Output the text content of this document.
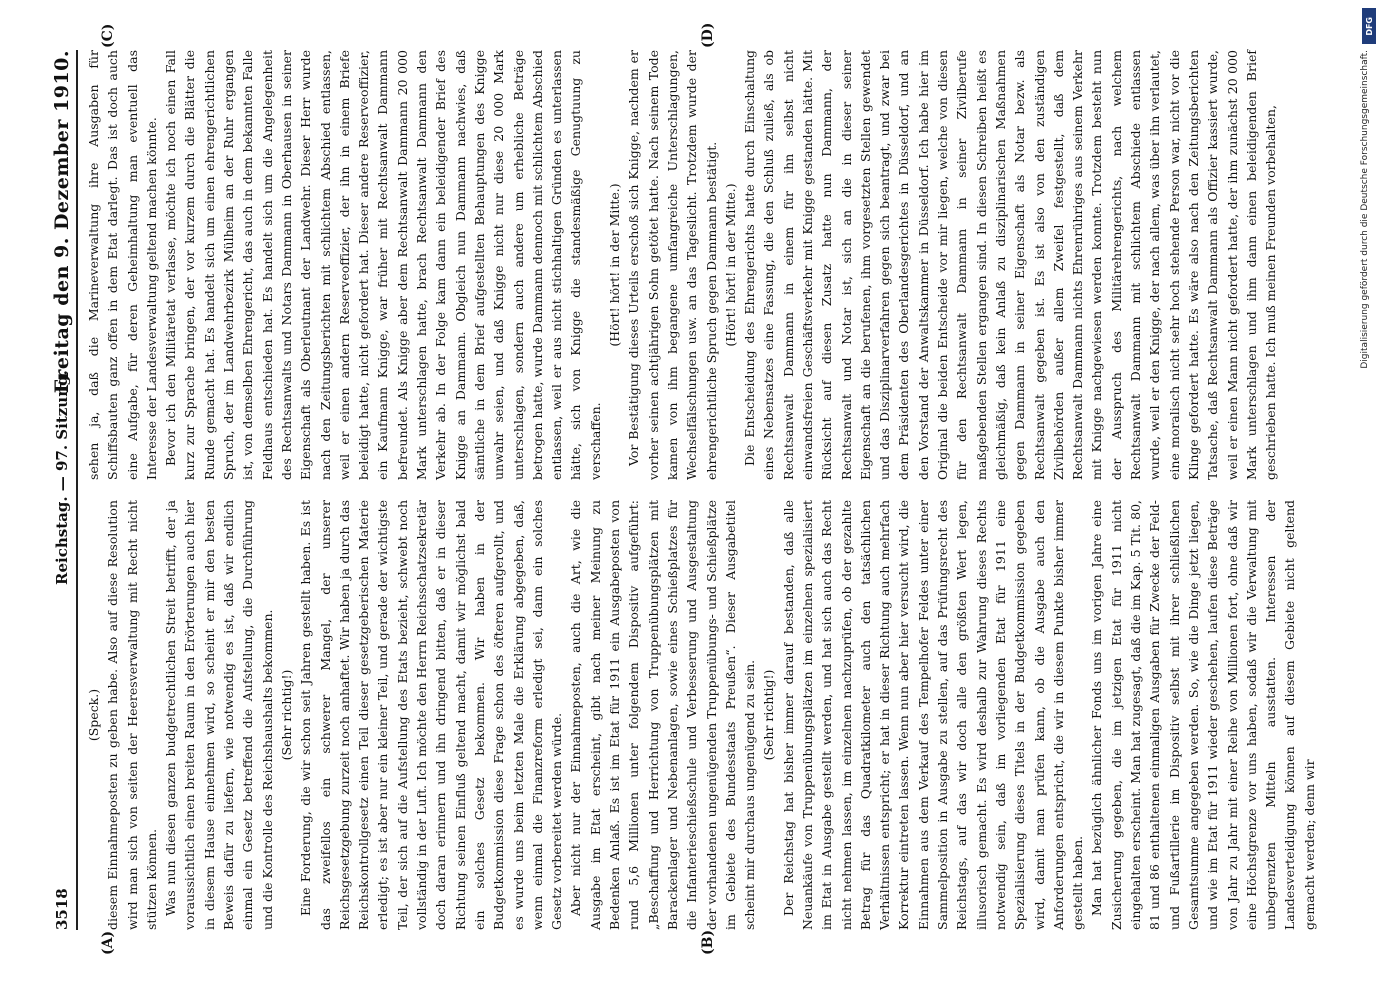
3518
Reichstag. — 97. Sitzung.
Freitag den 9. Dezember 1910.
(A)	(B)
(C)	(D)

(Speck.) diesem Einnahmeposten zu geben habe. Also auf diese Resolution wird man sich von seiten der Heeresverwaltung mit Recht nicht stützen können. Was nun diesen ganzen budgetrechtlichen Streit betrifft, der ja voraussichtlich einen breiten Raum in den Erörterungen auch hier in diesem Hause einnehmen wird, so scheint er mir den besten Beweis dafür zu liefern, wie notwendig es ist, daß wir endlich einmal ein Gesetz betreffend die Aufstellung, die Durchführung und die Kontrolle des Reichshaushalts bekommen. (Sehr richtig!) Eine Forderung, die wir schon seit Jahren gestellt haben. Es ist das zweifellos ein schwerer Mangel, der unserer Reichsgesetzgebung zurzeit noch anhaftet. Wir haben ja durch das Reichskontrollgesetz einen Teil dieser gesetzgeberischen Materie erledigt; es ist aber nur ein kleiner Teil, und gerade der wichtigste Teil, der sich auf die Aufstellung des Etats bezieht, schwebt noch vollständig in der Luft. Ich möchte den Herrn Reichsschatzsekretär doch daran erinnern und ihn dringend bitten, daß er in dieser Richtung seinen Einfluß geltend macht, damit wir möglichst bald ein solches Gesetz bekommen. Wir haben in der Budgetkommission diese Frage schon des öfteren aufgerollt, und es wurde uns beim letzten Male die Erklärung abgegeben, daß, wenn einmal die Finanzreform erledigt sei, dann ein solches Gesetz vorbereitet werden würde. Aber nicht nur der Einnahmeposten, auch die Art, wie die Ausgabe im Etat erscheint, gibt nach meiner Meinung zu Bedenken Anlaß. Es ist im Etat für 1911 ein Ausgabeposten von rund 5,6 Millionen unter folgendem Dispositiv aufgeführt: „Beschaffung und Herrichtung von Truppenübungsplätzen mit Barackenlager und Nebenanlagen, sowie eines Schießplatzes für die Infanterieschießschule und Verbesserung und Ausgestaltung der vorhandenen ungenügenden Truppenübungs- und Schießplätze im Gebiete des Bundesstaats Preußen“. Dieser Ausgabetitel scheint mir durchaus ungenügend zu sein. (Sehr richtig!) Der Reichstag hat bisher immer darauf bestanden, daß alle Neuankäufe von Truppenübungsplätzen im einzelnen spezialisiert im Etat in Ausgabe gestellt werden, und hat sich auch das Recht nicht nehmen lassen, im einzelnen nachzuprüfen, ob der gezahlte Betrag für das Quadratkilometer auch den tatsächlichen Verhältnissen entspricht; er hat in dieser Richtung auch mehrfach Korrektur eintreten lassen. Wenn nun aber hier versucht wird, die Einnahmen aus dem Verkauf des Tempelhofer Feldes unter einer Sammelposition in Ausgabe zu stellen, auf das Prüfungsrecht des Reichstags, auf das wir doch alle den größten Wert legen, illusorisch gemacht. Es wird deshalb zur Wahrung dieses Rechts notwendig sein, daß im vorliegenden Etat für 1911 eine Spezialisierung dieses Titels in der Budgetkommission gegeben wird, damit man prüfen kann, ob die Ausgabe auch den Anforderungen entspricht, die wir in diesem Punkte bisher immer gestellt haben. Man hat bezüglich ähnlicher Fonds uns im vorigen Jahre eine Zusicherung gegeben, die im jetzigen Etat für 1911 nicht eingehalten erscheint. Man hat zugesagt, daß die im Kap. 5 Tit. 80, 81 und 86 enthaltenen einmaligen Ausgaben für Zwecke der Feld- und Fußartillerie im Dispositiv selbst mit ihrer schließlichen Gesamtsumme angegeben werden. So, wie die Dinge jetzt liegen, und wie im Etat für 1911 wieder geschehen, laufen diese Beträge von Jahr zu Jahr mit einer Reihe von Millionen fort, ohne daß wir eine Höchstgrenze vor uns haben, sodaß wir die Verwaltung mit unbegrenzten Mitteln ausstatten. Interessen der Landesverteidigung können auf diesem Gebiete nicht geltend gemacht werden; denn wir

sehen ja, daß die Marineverwaltung ihre Ausgaben für Schiffsbauten ganz offen in dem Etat darlegt. Das ist doch auch eine Aufgabe, für deren Geheimhaltung man eventuell das Interesse der Landesverwaltung geltend machen könnte. Bevor ich den Militäretat verlasse, möchte ich noch einen Fall kurz zur Sprache bringen, der vor kurzem durch die Blätter die Runde gemacht hat. Es handelt sich um einen ehrengerichtlichen Spruch, der im Landwehrbezirk Mülheim an der Ruhr ergangen ist, von demselben Ehrengericht, das auch in dem bekannten Falle Feldhaus entschieden hat. Es handelt sich um die Angelegenheit des Rechtsanwalts und Notars Dammann in Oberhausen in seiner Eigenschaft als Oberleutnant der Landwehr. Dieser Herr wurde nach den Zeitungsberichten mit schlichtem Abschied entlassen, weil er einen andern Reserveoffizier, der ihn in einem Briefe beleidigt hatte, nicht gefordert hat. Dieser andere Reserveoffizier, ein Kaufmann Knigge, war früher mit Rechtsanwalt Dammann befreundet. Als Knigge aber dem Rechtsanwalt Dammann 20 000 Mark unterschlagen hatte, brach Rechtsanwalt Dammann den Verkehr ab. In der Folge kam dann ein beleidigender Brief des Knigge an Dammann. Obgleich nun Dammann nachwies, daß sämtliche in dem Brief aufgestellten Behauptungen des Knigge unwahr seien, und daß Knigge nicht nur diese 20 000 Mark unterschlagen, sondern auch andere um erhebliche Beträge betrogen hatte, wurde Dammann dennoch mit schlichtem Abschied entlassen, weil er aus nicht stichhaltigen Gründen es unterlassen hätte, sich von Knigge die standesmäßige Genugtuung zu verschaffen.

(Hört! hört! in der Mitte.) Vor Bestätigung dieses Urteils erschoß sich Knigge, nachdem er vorher seinen achtjährigen Sohn getötet hatte. Nach seinem Tode kamen von ihm begangene umfangreiche Unterschlagungen, Wechselfälschungen usw. an das Tageslicht. Trotzdem wurde der ehrengerichtliche Spruch gegen Dammann bestätigt. (Hört! hört! in der Mitte.) Die Entscheidung des Ehrengerichts hatte durch Einschaltung eines Nebensatzes eine Fassung, die den Schluß zuließ, als ob Rechtsanwalt Dammann in einem für ihn selbst nicht einwandsfreien Geschäftsverkehr mit Knigge gestanden hätte. Mit Rücksicht auf diesen Zusatz hatte nun Dammann, der Rechtsanwalt und Notar ist, sich an die in dieser seiner Eigenschaft an die berufenen, ihm vorgesetzten Stellen gewendet und das Disziplinarverfahren gegen sich beantragt, und zwar bei dem Präsidenten des Oberlandesgerichtes in Düsseldorf, und an den Vorstand der Anwaltskammer in Düsseldorf. Ich habe hier im Original die beiden Entscheide vor mir liegen, welche von diesen für den Rechtsanwalt Dammann in seiner Zivilberufe maßgebenden Stellen ergangen sind. In diesen Schreiben heißt es gleichmäßig, daß kein Anlaß zu disziplinarischen Maßnahmen gegen Dammann in seiner Eigenschaft als Notar bezw. als Rechtsanwalt gegeben ist. Es ist also von den zuständigen Zivilbehörden außer allem Zweifel festgestellt, daß dem Rechtsanwalt Dammann nichts Ehrenrühriges aus seinem Verkehr mit Knigge nachgewiesen werden konnte. Trotzdem besteht nun der Ausspruch des Militärehrengerichts, nach welchem Rechtsanwalt Dammann mit schlichtem Abschiede entlassen wurde, weil er den Knigge, der nach allem, was über ihn verlautet, eine moralisch nicht sehr hoch stehende Person war, nicht vor die Klinge gefordert hatte. Es wäre also nach den Zeitungsberichten Tatsache, daß Rechtsanwalt Dammann als Offizier kassiert wurde, weil er einen Mann nicht gefordert hatte, der ihm zunächst 20 000 Mark unterschlagen und ihm dann einen beleidigenden Brief geschrieben hatte. Ich muß meinen Freunden vorbehalten,

DFG
Digitalisierung gefördert durch die Deutsche Forschungsgemeinschaft.
